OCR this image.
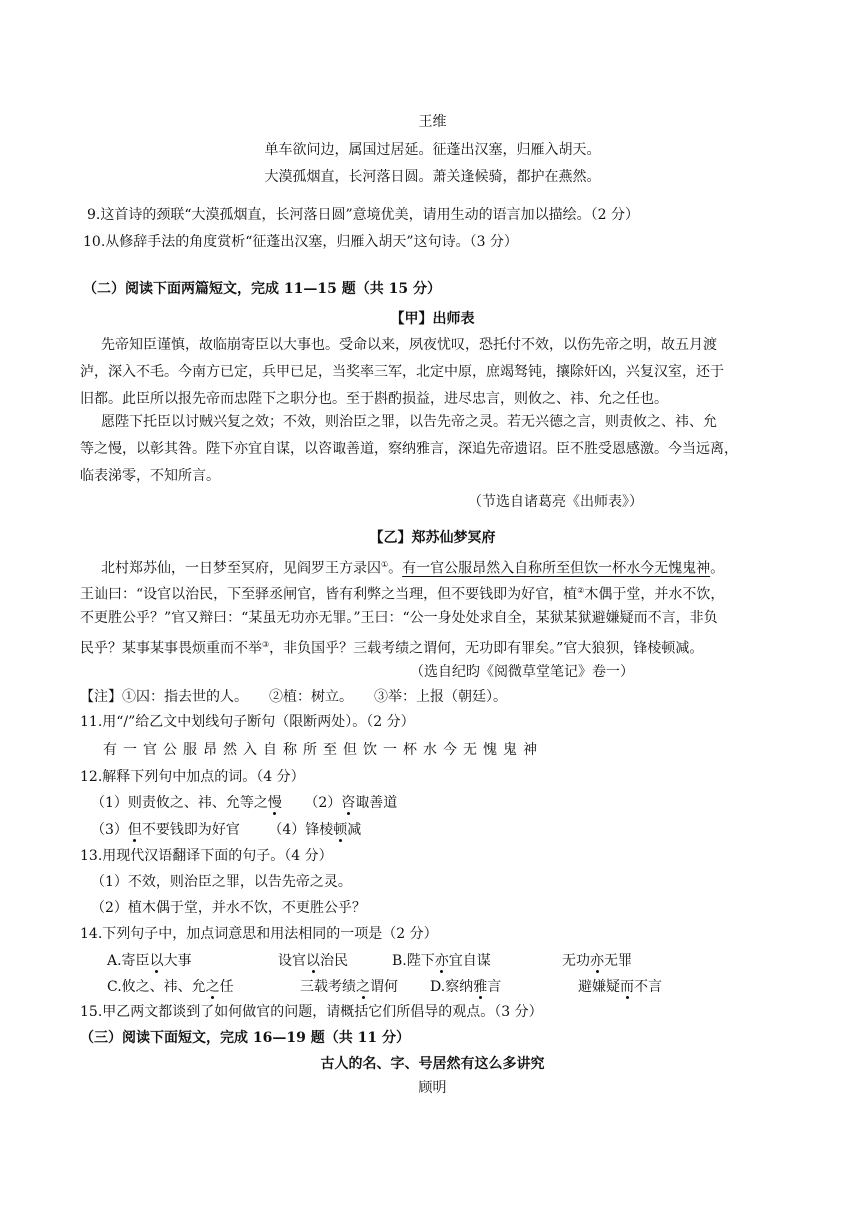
王维
单车欲问边，属国过居延。征蓬出汉塞，归雁入胡天。
大漠孤烟直，长河落日圆。萧关逢候骑，都护在燕然。
9.这首诗的颈联“大漠孤烟直，长河落日圆”意境优美，请用生动的语言加以描绘。（2 分）
10.从修辞手法的角度赏析“征蓬出汉塞，归雁入胡天”这句诗。（3 分）
（二）阅读下面两篇短文，完成 11—15 题（共 15 分）
【甲】出师表
先帝知臣谨慎，故临崩寄臣以大事也。受命以来，夙夜忧叹，恐托付不效，以伤先帝之明，故五月渡
泸，深入不毛。今南方已定，兵甲已足，当奖率三军，北定中原，庶竭驽钝，攘除奸凶，兴复汉室，还于
旧都。此臣所以报先帝而忠陛下之职分也。至于斟酌损益，进尽忠言，则攸之、祎、允之任也。
愿陛下托臣以讨贼兴复之效；不效，则治臣之罪，以告先帝之灵。若无兴德之言，则责攸之、祎、允
等之慢，以彰其咎。陛下亦宜自谋，以咨诹善道，察纳雅言，深追先帝遗诏。臣不胜受恩感激。今当远离，
临表涕零，不知所言。
（节选自诸葛亮《出师表》）
【乙】郑苏仙梦冥府
北村郑苏仙，一日梦至冥府，见阎罗王方录囚①。有一官公服昂然入自称所至但饮一杯水今无愧鬼神。
王讪曰：“设官以治民，下至驿丞闸官，皆有利弊之当理，但不要钱即为好官，植②木偶于堂，并水不饮，
不更胜公乎？”官又辩曰：“某虽无功亦无罪。”王曰：“公一身处处求自全，某狱某狱避嫌疑而不言，非负
民乎？某事某事畏烦重而不举③，非负国乎？三载考绩之谓何，无功即有罪矣。”官大狼狈，锋棱顿减。
（选自纪昀《阅微草堂笔记》卷一）
【注】①囚：指去世的人。　　②植：树立。　　③举：上报（朝廷）。
11.用“/”给乙文中划线句子断句（限断两处）。（2 分）
有一官公服昂然入自称所至但饮一杯水今无愧鬼神
12.解释下列句中加点的词。（4 分）
（1）则责攸之、祎、允等之慢 （2）咨诹善道
（3）但不要钱即为好官 （4）锋棱顿减
13.用现代汉语翻译下面的句子。（4 分）
（1）不效，则治臣之罪，以告先帝之灵。
（2）植木偶于堂，并水不饮，不更胜公乎？
14.下列句子中，加点词意思和用法相同的一项是（2 分）
A.寄臣以大事	设官以治民	B.陛下亦宜自谋	无功亦无罪
C.攸之、祎、允之任	三载考绩之谓何 D.察纳雅言	避嫌疑而不言
15.甲乙两文都谈到了如何做官的问题，请概括它们所倡导的观点。（3 分）
（三）阅读下面短文，完成 16—19 题（共 11 分）
古人的名、字、号居然有这么多讲究
顾明
